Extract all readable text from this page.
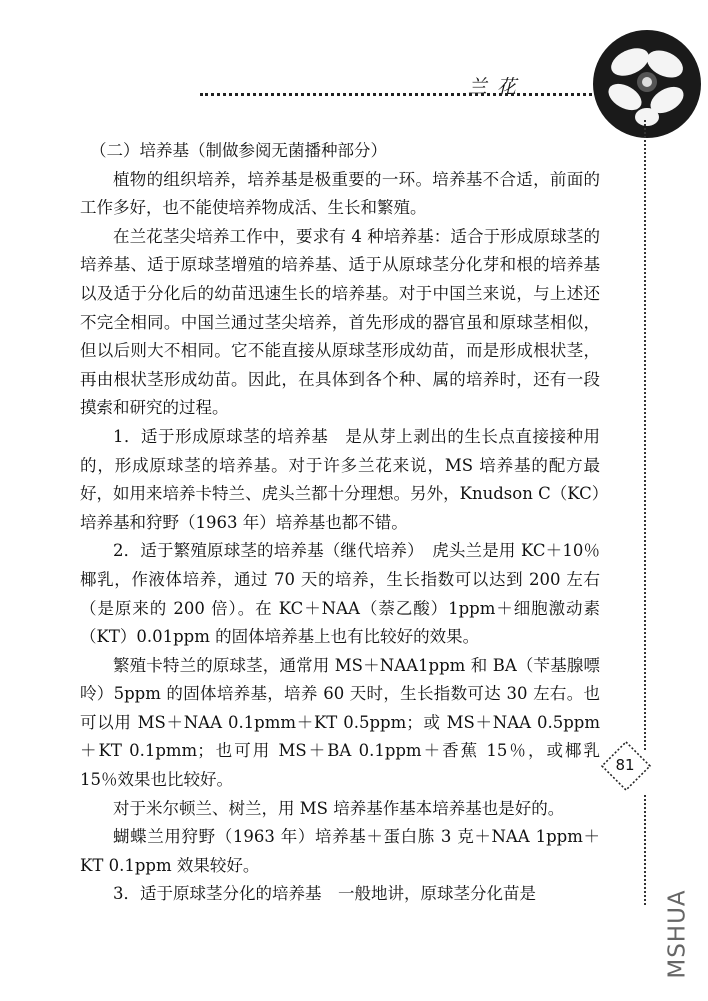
兰 花
81

（二）培养基（制做参阅无菌播种部分）

植物的组织培养，培养基是极重要的一环。培养基不合适，前面的工作多好，也不能使培养物成活、生长和繁殖。

在兰花茎尖培养工作中，要求有 4 种培养基：适合于形成原球茎的培养基、适于原球茎增殖的培养基、适于从原球茎分化芽和根的培养基以及适于分化后的幼苗迅速生长的培养基。对于中国兰来说，与上述还不完全相同。中国兰通过茎尖培养，首先形成的器官虽和原球茎相似，但以后则大不相同。它不能直接从原球茎形成幼苗，而是形成根状茎，再由根状茎形成幼苗。因此，在具体到各个种、属的培养时，还有一段摸索和研究的过程。

1．适于形成原球茎的培养基　是从芽上剥出的生长点直接接种用的，形成原球茎的培养基。对于许多兰花来说，MS 培养基的配方最好，如用来培养卡特兰、虎头兰都十分理想。另外，Knudson C（KC）培养基和狩野（1963 年）培养基也都不错。

2．适于繁殖原球茎的培养基（继代培养）　虎头兰是用 KC＋10％椰乳，作液体培养，通过 70 天的培养，生长指数可以达到 200 左右（是原来的 200 倍）。在 KC＋NAA（萘乙酸）1ppm＋细胞激动素（KT）0.01ppm 的固体培养基上也有比较好的效果。

繁殖卡特兰的原球茎，通常用 MS＋NAA1ppm 和 BA（苄基腺嘌呤）5ppm 的固体培养基，培养 60 天时，生长指数可达 30 左右。也可以用 MS＋NAA 0.1pmm＋KT 0.5ppm；或 MS＋NAA 0.5ppm＋KT 0.1pmm；也可用 MS＋BA 0.1ppm＋香蕉 15％，或椰乳 15％效果也比较好。

对于米尔顿兰、树兰，用 MS 培养基作基本培养基也是好的。

蝴蝶兰用狩野（1963 年）培养基＋蛋白胨 3 克＋NAA 1ppm＋KT 0.1ppm 效果较好。

3．适于原球茎分化的培养基　一般地讲，原球茎分化苗是	MSHUA
